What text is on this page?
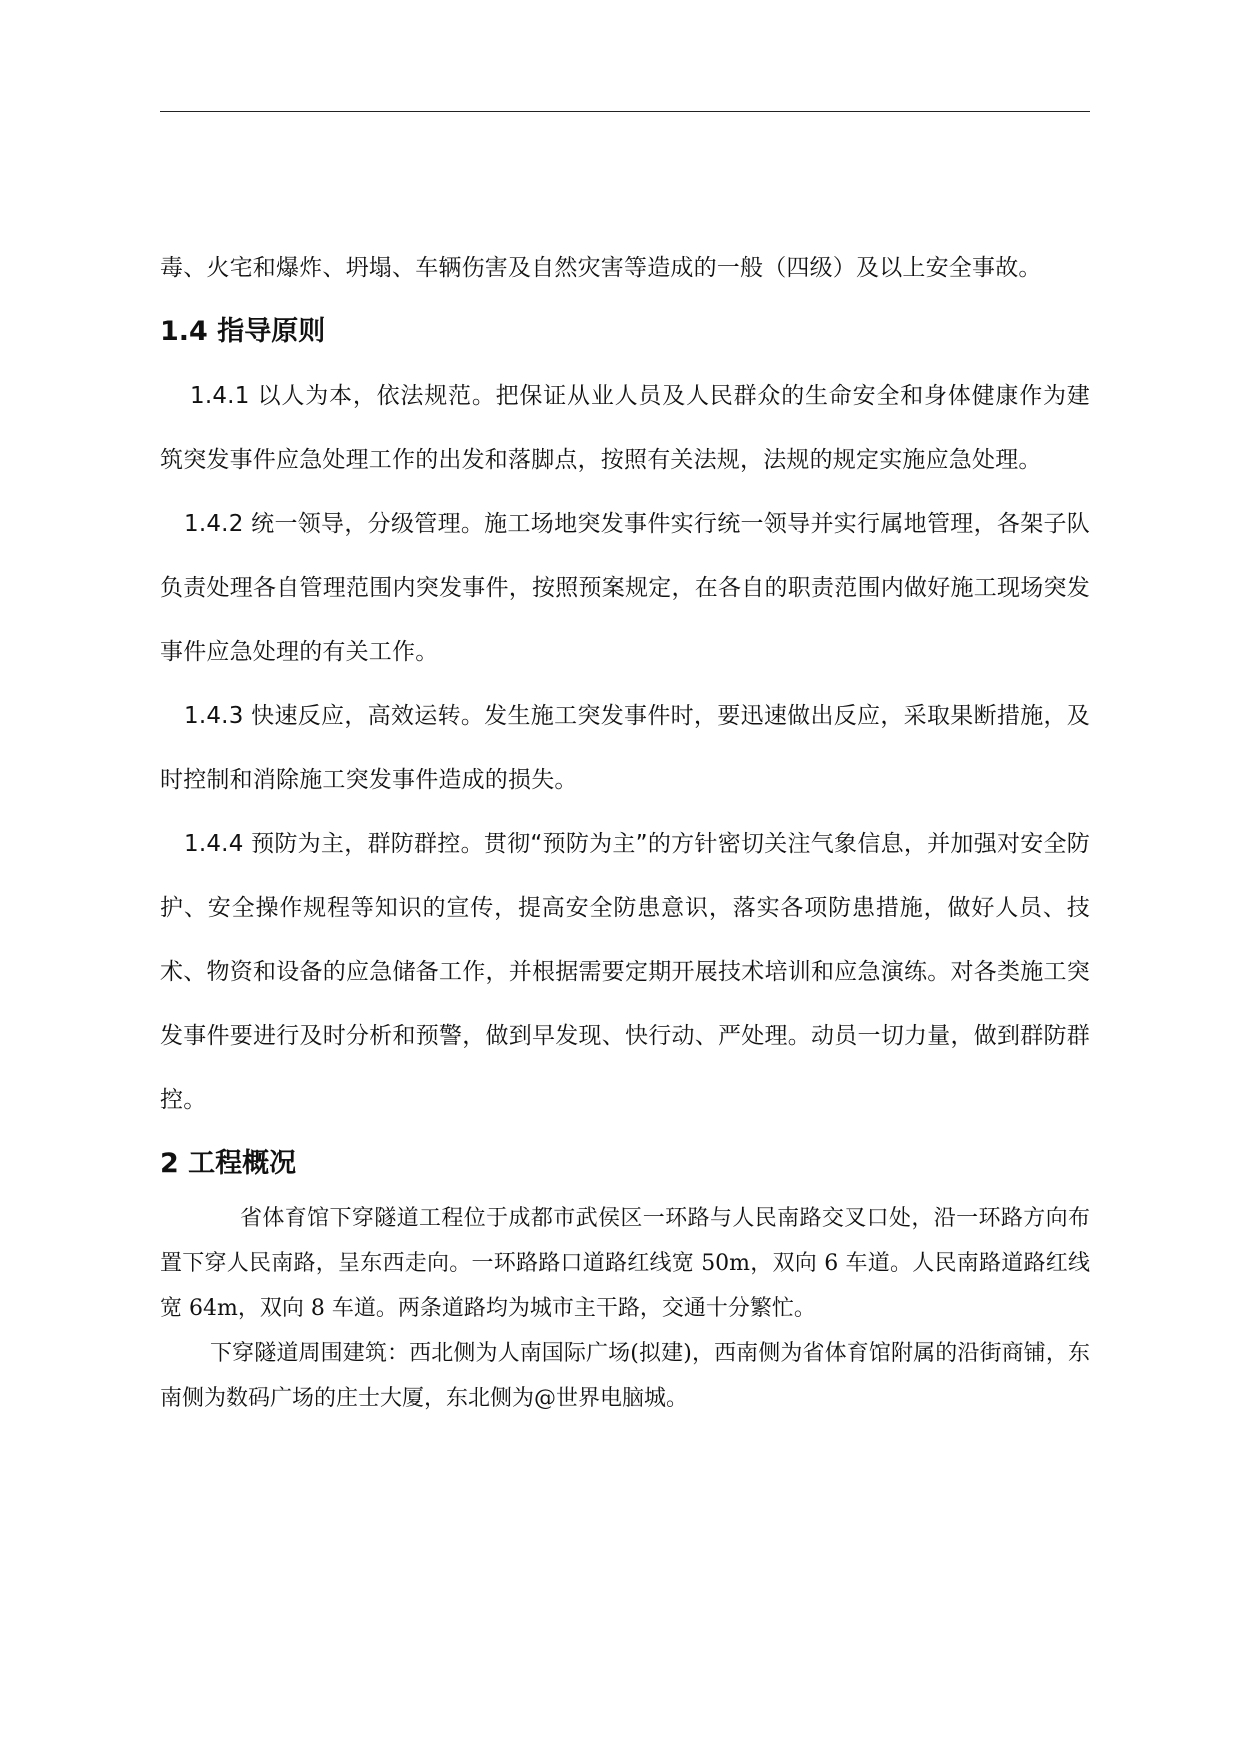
毒、火宅和爆炸、坍塌、车辆伤害及自然灾害等造成的一般（四级）及以上安全事故。

1.4 指导原则

1.4.1 以人为本，依法规范。把保证从业人员及人民群众的生命安全和身体健康作为建筑突发事件应急处理工作的出发和落脚点，按照有关法规，法规的规定实施应急处理。

1.4.2 统一领导，分级管理。施工场地突发事件实行统一领导并实行属地管理，各架子队负责处理各自管理范围内突发事件，按照预案规定，在各自的职责范围内做好施工现场突发事件应急处理的有关工作。

1.4.3 快速反应，高效运转。发生施工突发事件时，要迅速做出反应，采取果断措施，及时控制和消除施工突发事件造成的损失。

1.4.4 预防为主，群防群控。贯彻“预防为主”的方针密切关注气象信息，并加强对安全防护、安全操作规程等知识的宣传，提高安全防患意识，落实各项防患措施，做好人员、技术、物资和设备的应急储备工作，并根据需要定期开展技术培训和应急演练。对各类施工突发事件要进行及时分析和预警，做到早发现、快行动、严处理。动员一切力量，做到群防群控。

2 工程概况

省体育馆下穿隧道工程位于成都市武侯区一环路与人民南路交叉口处，沿一环路方向布置下穿人民南路，呈东西走向。一环路路口道路红线宽 50m，双向 6 车道。人民南路道路红线宽 64m，双向 8 车道。两条道路均为城市主干路，交通十分繁忙。

下穿隧道周围建筑：西北侧为人南国际广场(拟建)，西南侧为省体育馆附属的沿街商铺，东南侧为数码广场的庄士大厦，东北侧为@世界电脑城。
